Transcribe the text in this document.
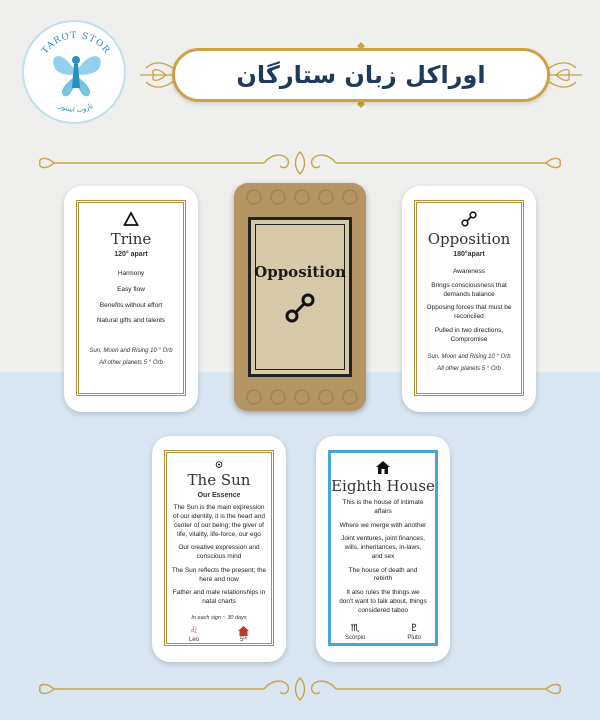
TAROT STOR
تاروت استور
اوراکل زبان ستارگان
Trine
120° apart
Harmony
Easy flow
Benefits without effort
Natural gifts and talents
Sun, Moon and Rising 10 ° Orb
All other planets 5 ° Orb
Opposition
Opposition
180°apart
Awareness
Brings consciousness that demands balance
Opposing forces that must be reconciled
Pulled in two directions, Compromise
Sun, Moon and Rising 10 ° Orb
All other planets 5 ° Orb
The Sun
Our Essence
The Sun is the main expression of our identity, it is the heart and center of our being; the giver of life, vitality, life-force, our ego
Our creative expression and conscious mind
The Sun reflects the present; the here and now
Father and male relationships in natal charts
In each sign ~ 30 days
♌
Leo	5ᵗʰ
Eighth House
This is the house of intimate affairs
Where we merge with another
Joint ventures, joint finances, wills, inheritances, in-laws, and sex
The house of death and rebirth
It also rules the things we don't want to talk about, things considered taboo
♏
Scorpio
♇
Pluto
